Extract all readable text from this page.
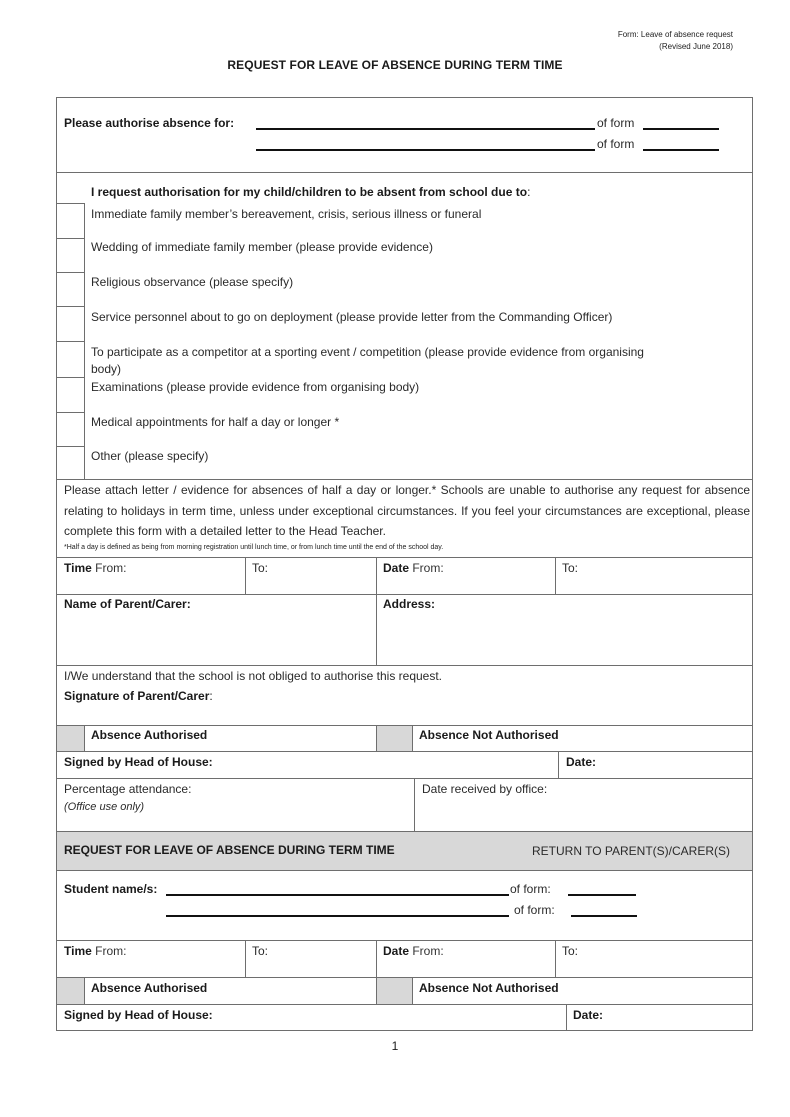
Form: Leave of absence request
(Revised June 2018)
REQUEST FOR LEAVE OF ABSENCE DURING TERM TIME
Please authorise absence for:	of form
of form
I request authorisation for my child/children to be absent from school due to:
Immediate family member’s bereavement, crisis, serious illness or funeral
Wedding of immediate family member (please provide evidence)
Religious observance (please specify)
Service personnel about to go on deployment (please provide letter from the Commanding Officer)
To participate as a competitor at a sporting event / competition (please provide evidence from organising
body)
Examinations (please provide evidence from organising body)
Medical appointments for half a day or longer *
Other (please specify)
Please attach letter / evidence for absences of half a day or longer.* Schools are unable to authorise any request for absence relating to holidays in term time, unless under exceptional circumstances. If you feel your circumstances are exceptional, please complete this form with a detailed letter to the Head Teacher.
*Half a day is defined as being from morning registration until lunch time, or from lunch time until the end of the school day.
Time From:	To:	Date From:	To:
Name of Parent/Carer:	Address:
I/We understand that the school is not obliged to authorise this request.
Signature of Parent/Carer:
Absence Authorised	Absence Not Authorised
Signed by Head of House:	Date:
Percentage attendance:
(Office use only)
Date received by office:
REQUEST FOR LEAVE OF ABSENCE DURING TERM TIME	RETURN TO PARENT(S)/CARER(S)
Student name/s:	of form:
of form:
Time From:	To:	Date From:	To:
Absence Authorised	Absence Not Authorised
Signed by Head of House:	Date:
1
